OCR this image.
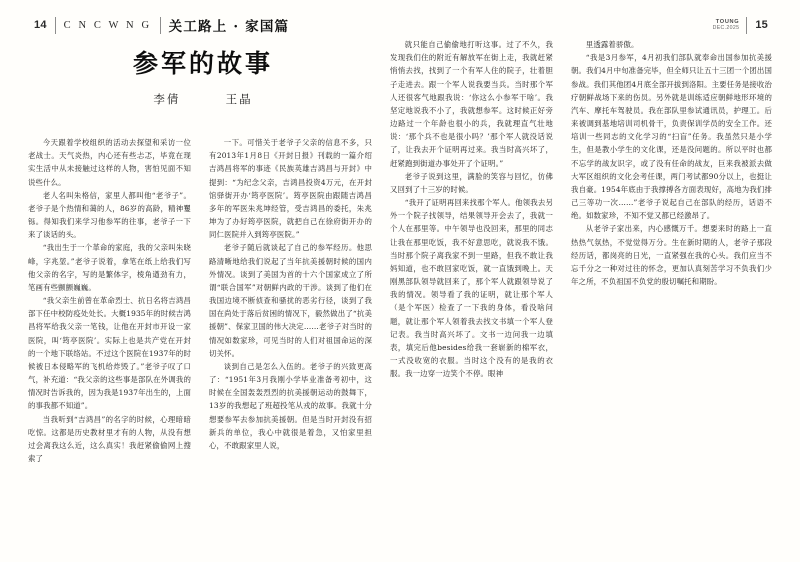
14 C N C W N G 关工路上 · 家国篇	TOUNG
DEC.2025 15
参军的故事
李倩	王晶

今天跟着学校组织的活动去探望和采访一位老战士。天气炎热，内心还有些忐忑，毕竟在现实生活中从未接触过这样的人物，害怕见面不知说些什么。

老人名叫朱格信，家里人都叫他“老爷子”。老爷子是个热情和蔼的人，86岁的高龄，精神矍铄。得知我们来学习他参军的往事，老爷子一下来了谈话的头。

“我出生于一个革命的家庭，我的父亲叫朱晓峰，字兆堃。”老爷子说着，拿笔在纸上给我们写他父亲的名字，写的是繁体字，棱角遒劲有力，笔画有些颤颤巍巍。

“我父亲生前曾在革命烈士、抗日名将吉鸿昌部下任中校防疫处处长。大概1935年的时候吉鸿昌将军给我父亲一笔钱，让他在开封市开设一家医院，叫‘筠亭医院’。实际上也是共产党在开封的一个地下联络站。不过这个医院在1937年的时候被日本侵略军的飞机给炸毁了。”老爷子叹了口气，补充道：“我父亲的这些事是部队在外调我的情况时告诉我的，因为我是1937年出生的，上面的事我都不知道”。

当我听到“吉鸿昌”的名字的时候，心理暗暗吃惊。这都是历史教材里才有的人物，从没有想过会离我这么近，这么真实！我赶紧偷偷网上搜索了

一下。可惜关于老爷子父亲的信息不多，只有2013年1月8日《开封日报》刊载的一篇介绍吉鸿昌将军的事迹《民族英雄吉鸿昌与开封》中提到：“为纪念父亲，吉鸿昌投资4万元，在开封馆驿街开办‘筠亭医院’。筠亭医院由跟随吉鸿昌多年的军医朱兆坤经管，受吉鸿昌的委托，朱兆坤为了办好筠亭医院，就把自己在徐府街开办的同仁医院并入到筠亭医院。”

老爷子随后就谈起了自己的参军经历。他思路清晰地给我们说起了当年抗美援朝时候的国内外情况。谈到了美国为首的十六个国家成立了所谓“联合国军”对朝鲜内政的干涉。谈到了他们在我国边境不断侦查和骚扰的恶劣行径，谈到了我国在尚处于落后贫困的情况下，毅然做出了“抗美援朝”、保家卫国的伟大决定……老爷子对当时的情况如数家珍，可见当时的人们对祖国命运的深切关怀。

谈到自己是怎么入伍的。老爷子的兴致更高了：“1951年3月我刚小学毕业准备考初中，这时候在全国轰轰烈烈的抗美援朝运动的鼓舞下，13岁的我想起了班超投笔从戎的故事。我就十分想要参军去参加抗美援朝。但是当时开封没有招新兵的单位，我心中就很是着急，又怕家里担心，不敢跟家里人说，

就只能自己偷偷地打听这事。过了不久，我发现我们住的附近有解放军在街上走，我就赶紧悄悄去找，找到了一个有军人住的院子，壮着胆子走进去。跟一个军人说我要当兵。当时那个军人还很客气地跟我说：‘你这么小参军干啥’。我坚定地说我不小了，我就想参军。这时候正好旁边路过一个年龄也很小的兵，我就理直气壮地说：‘那个兵不也是很小吗？’那个军人就没话说了，让我去开个证明再过来。我当时高兴坏了，赶紧跑到街道办事处开了个证明。”

老爷子说到这里，满脸的笑容与回忆，仿佛又回到了十三岁的时候。

“我开了证明再回来找那个军人。他领我去另外一个院子找领导，结果领导开会去了，我就一个人在那里等。中午领导也没回来，那里的同志让我在那里吃饭，我不好意思吃，就说我不饿。当时那个院子离我家不到一里路，但我不敢让我妈知道，也不敢回家吃饭，就一直饿到晚上。天刚黑部队领导就回来了，那个军人就跟领导说了我的情况。领导看了我的证明，就让那个军人（是个军医）检查了一下我的身体，看没啥问题，就让那个军人领着我去找文书填一个军人登记表。我当时高兴坏了。文书一边问我一边填表，填完后他besides给我一套崭新的棉军衣，一式没收宽的衣服。当时这个没有的是我的衣服。我一边穿一边笑个不停。眼神

里透露着骄傲。

“我是3月参军，4月初我们部队就奉命出国参加抗美援朝。我们4月中旬准备完毕，但全师只让五十三团一个团出国参战。我们其他团4月底全部开拔到洛阳。主要任务是接收治疗朝鲜战场下来的伤员。另外就是训练适应朝鲜地形环境的汽车、摩托车驾驶员。我在部队里参试通讯员，护理工。后来被调到基地培训司机骨干，负责保训学员的安全工作。还培训一些同志的文化学习的“扫盲”任务。我虽然只是小学生，但是教小学生的文化课，还是没问题的。所以平时也都不忘学的战友识字，或了没有任命的战友，巨来我被派去做大军区组织的文化会考任课，两门考试都90分以上，也挺让我自豪。1954年底由于我撑搏各方面表现好，高地为我们排己三等功一次……”老爷子说起自己在部队的经历，话语不绝。如数家珍，不知不觉又都已经激昂了。

从老爷子家出来，内心感慨万千。想要来时的路上一直热热气氛热，不觉觉得万分。生在新时期的人，老爷子那段经历话，都岗亮的日光，一直紧强在我的心头。我们应当不忘千分之一种对过往的怀念，更加认真刻苦学习不负我们少年之所，不负祖国不负党的殷切嘱托和期盼。
